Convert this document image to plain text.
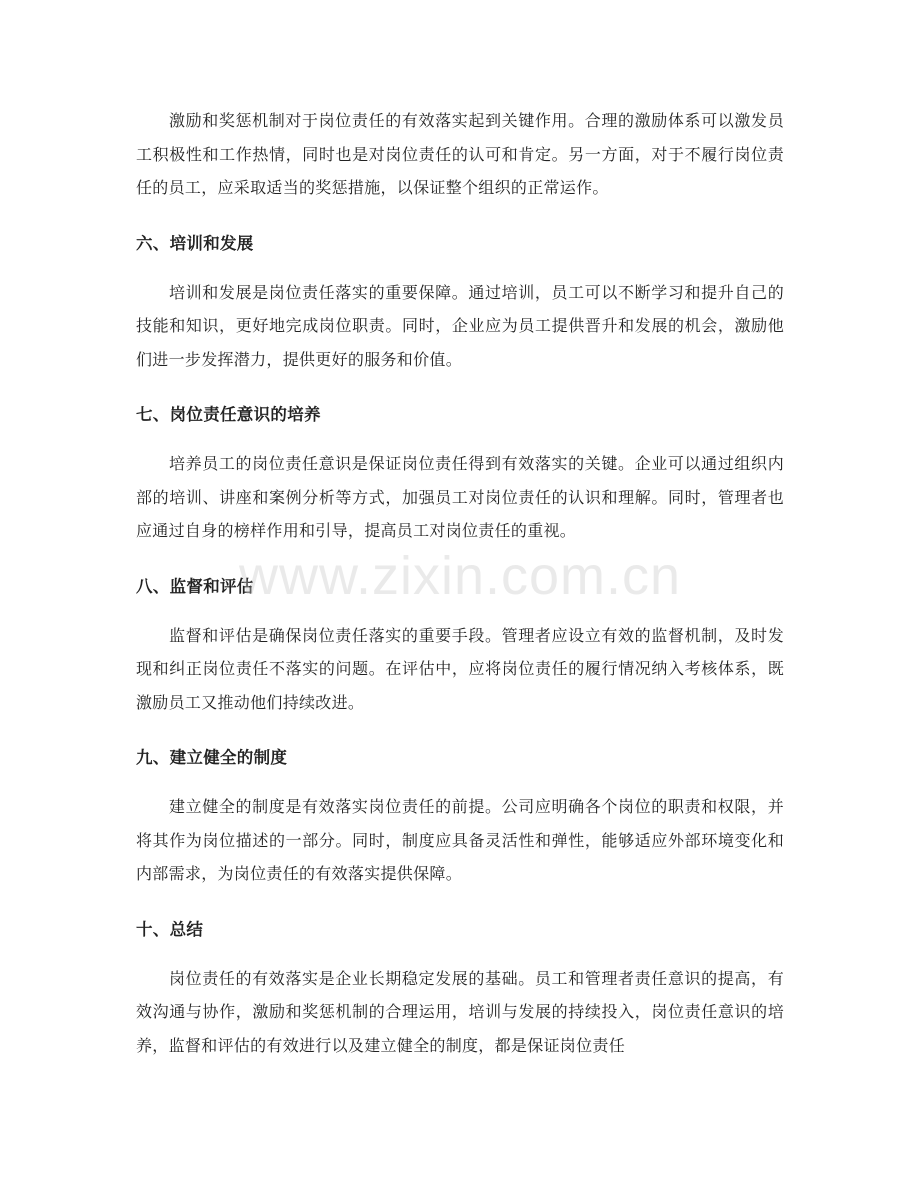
激励和奖惩机制对于岗位责任的有效落实起到关键作用。合理的激励体系可以激发员工积极性和工作热情，同时也是对岗位责任的认可和肯定。另一方面，对于不履行岗位责任的员工，应采取适当的奖惩措施，以保证整个组织的正常运作。

六、培训和发展

培训和发展是岗位责任落实的重要保障。通过培训，员工可以不断学习和提升自己的技能和知识，更好地完成岗位职责。同时，企业应为员工提供晋升和发展的机会，激励他们进一步发挥潜力，提供更好的服务和价值。

七、岗位责任意识的培养

培养员工的岗位责任意识是保证岗位责任得到有效落实的关键。企业可以通过组织内部的培训、讲座和案例分析等方式，加强员工对岗位责任的认识和理解。同时，管理者也应通过自身的榜样作用和引导，提高员工对岗位责任的重视。

八、监督和评估

监督和评估是确保岗位责任落实的重要手段。管理者应设立有效的监督机制，及时发现和纠正岗位责任不落实的问题。在评估中，应将岗位责任的履行情况纳入考核体系，既激励员工又推动他们持续改进。

九、建立健全的制度

建立健全的制度是有效落实岗位责任的前提。公司应明确各个岗位的职责和权限，并将其作为岗位描述的一部分。同时，制度应具备灵活性和弹性，能够适应外部环境变化和内部需求，为岗位责任的有效落实提供保障。

十、总结

岗位责任的有效落实是企业长期稳定发展的基础。员工和管理者责任意识的提高，有效沟通与协作，激励和奖惩机制的合理运用，培训与发展的持续投入，岗位责任意识的培养，监督和评估的有效进行以及建立健全的制度，都是保证岗位责任

www.zixin.com.cn
